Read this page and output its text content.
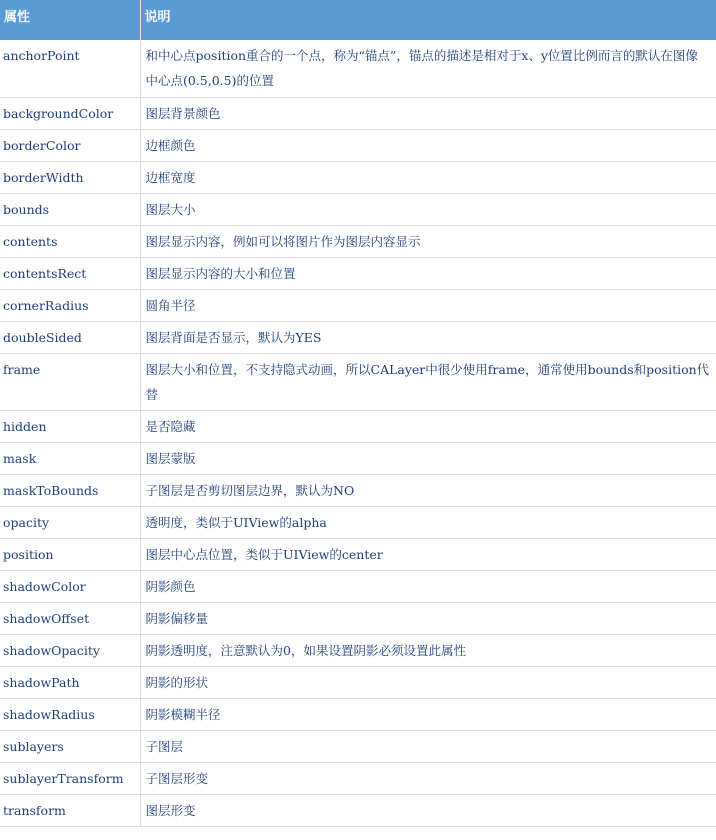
属性	说明
anchorPoint	和中心点position重合的一个点，称为“锚点”，锚点的描述是相对于x、y位置比例而言的默认在图像中心点(0.5,0.5)的位置
backgroundColor	图层背景颜色
borderColor	边框颜色
borderWidth	边框宽度
bounds	图层大小
contents	图层显示内容，例如可以将图片作为图层内容显示
contentsRect	图层显示内容的大小和位置
cornerRadius	圆角半径
doubleSided	图层背面是否显示，默认为YES
frame	图层大小和位置，不支持隐式动画，所以CALayer中很少使用frame，通常使用bounds和position代替
hidden	是否隐藏
mask	图层蒙版
maskToBounds	子图层是否剪切图层边界，默认为NO
opacity	透明度，类似于UIView的alpha
position	图层中心点位置，类似于UIView的center
shadowColor	阴影颜色
shadowOffset	阴影偏移量
shadowOpacity	阴影透明度，注意默认为0，如果设置阴影必须设置此属性
shadowPath	阴影的形状
shadowRadius	阴影模糊半径
sublayers	子图层
sublayerTransform	子图层形变
transform	图层形变
